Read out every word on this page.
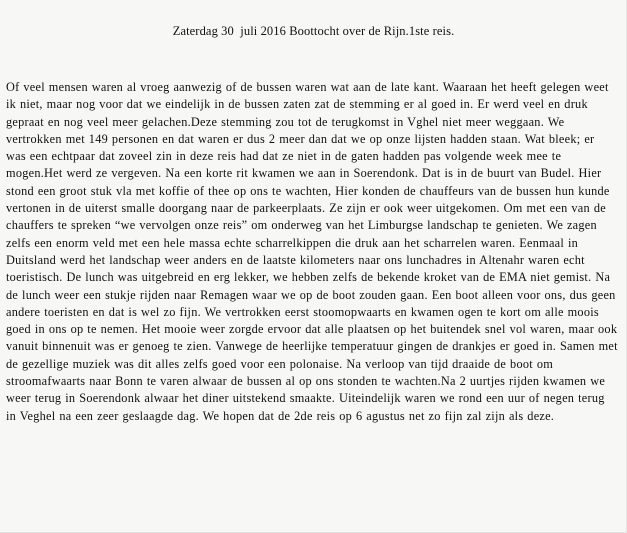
Zaterdag 30  juli 2016 Boottocht over de Rijn.1ste reis.
Of veel mensen waren al vroeg aanwezig of de bussen waren wat aan de late kant. Waaraan het heeft gelegen weet ik niet, maar nog voor dat we eindelijk in de bussen zaten zat de stemming er al goed in. Er werd veel en druk gepraat en nog veel meer gelachen.Deze stemming zou tot de terugkomst in Vghel niet meer weggaan. We vertrokken met 149 personen en dat waren er dus 2 meer dan dat we op onze lijsten hadden staan. Wat bleek; er was een echtpaar dat zoveel zin in deze reis had dat ze niet in de gaten hadden pas volgende week mee te mogen.Het werd ze vergeven. Na een korte rit kwamen we aan in Soerendonk. Dat is in de buurt van Budel. Hier stond een groot stuk vla met koffie of thee op ons te wachten, Hier konden de chauffeurs van de bussen hun kunde vertonen in de uiterst smalle doorgang naar de parkeerplaats. Ze zijn er ook weer uitgekomen. Om met een van de chauffers te spreken “we vervolgen onze reis” om onderweg van het Limburgse landschap te genieten. We zagen zelfs een enorm veld met een hele massa echte scharrelkippen die druk aan het scharrelen waren. Eenmaal in Duitsland werd het landschap weer anders en de laatste kilometers naar ons lunchadres in Altenahr waren echt toeristisch. De lunch was uitgebreid en erg lekker, we hebben zelfs de bekende kroket van de EMA niet gemist. Na de lunch weer een stukje rijden naar Remagen waar we op de boot zouden gaan. Een boot alleen voor ons, dus geen andere toeristen en dat is wel zo fijn. We vertrokken eerst stoomopwaarts en kwamen ogen te kort om alle moois goed in ons op te nemen. Het mooie weer zorgde ervoor dat alle plaatsen op het buitendek snel vol waren, maar ook vanuit binnenuit was er genoeg te zien. Vanwege de heerlijke temperatuur gingen de drankjes er goed in. Samen met de gezellige muziek was dit alles zelfs goed voor een polonaise. Na verloop van tijd draaide de boot om stroomafwaarts naar Bonn te varen alwaar de bussen al op ons stonden te wachten.Na 2 uurtjes rijden kwamen we weer terug in Soerendonk alwaar het diner uitstekend smaakte. Uiteindelijk waren we rond een uur of negen terug in Veghel na een zeer geslaagde dag. We hopen dat de 2de reis op 6 agustus net zo fijn zal zijn als deze.
